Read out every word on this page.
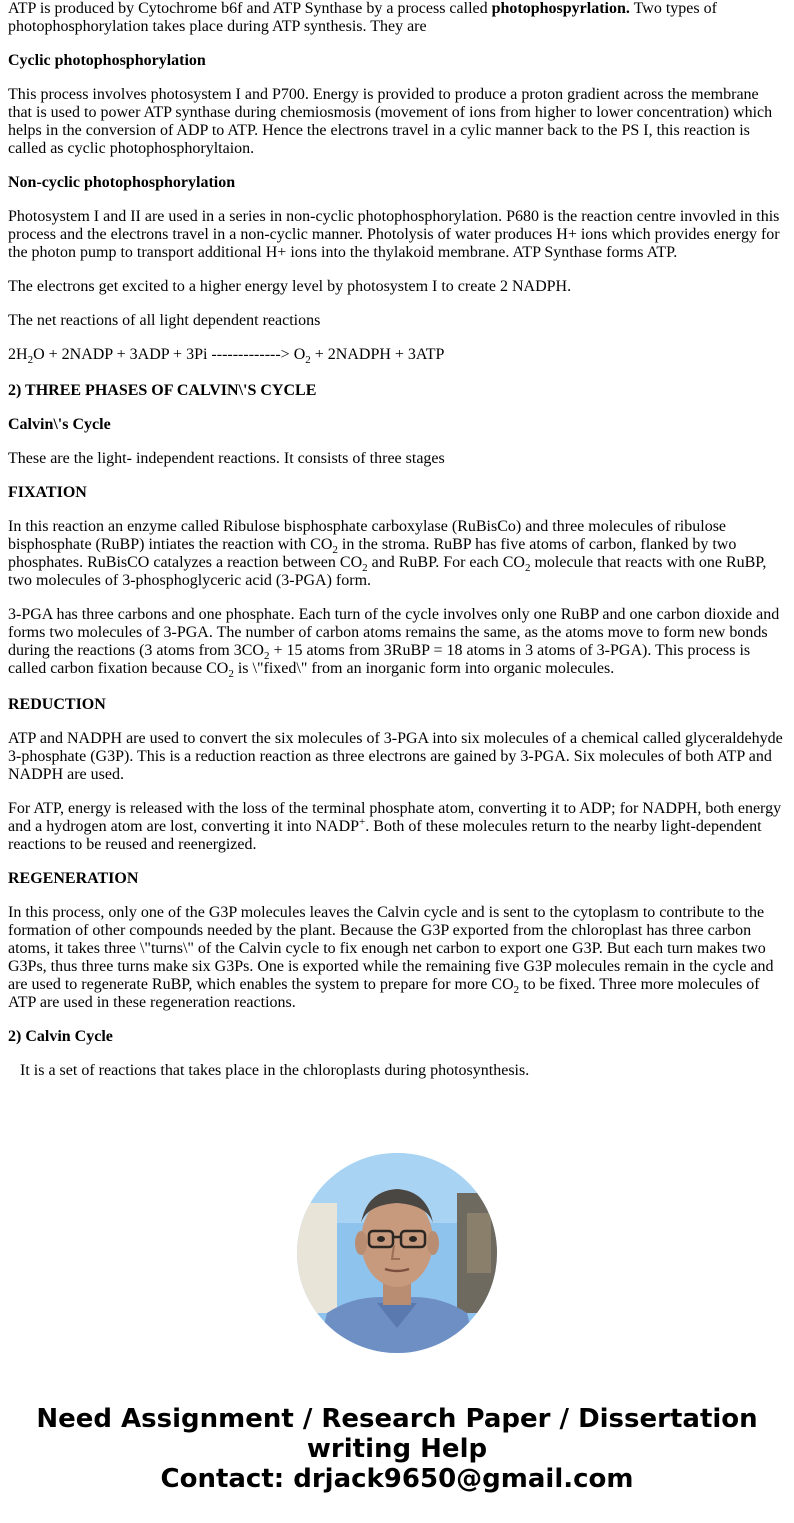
ATP is produced by Cytochrome b6f and ATP Synthase by a process called photophospyrlation. Two types of photophosphorylation takes place during ATP synthesis. They are

Cyclic photophosphorylation

This process involves photosystem I and P700. Energy is provided to produce a proton gradient across the membrane that is used to power ATP synthase during chemiosmosis (movement of ions from higher to lower concentration) which helps in the conversion of ADP to ATP. Hence the electrons travel in a cylic manner back to the PS I, this reaction is called as cyclic photophosphoryltaion.

Non-cyclic photophosphorylation

Photosystem I and II are used in a series in non-cyclic photophosphorylation. P680 is the reaction centre invovled in this process and the electrons travel in a non-cyclic manner. Photolysis of water produces H+ ions which provides energy for the photon pump to transport additional H+ ions into the thylakoid membrane. ATP Synthase forms ATP.

The electrons get excited to a higher energy level by photosystem I to create 2 NADPH.

The net reactions of all light dependent reactions

$2H_2O$ + 2NADP + 3ADP + 3Pi -------------> $O_2$ + 2NADPH + 3ATP

2) THREE PHASES OF CALVIN\'S CYCLE

Calvin\'s Cycle

These are the light- independent reactions. It consists of three stages

FIXATION

In this reaction an enzyme called Ribulose bisphosphate carboxylase (RuBisCo) and three molecules of ribulose bisphosphate (RuBP) intiates the reaction with $CO_2$ in the stroma. RuBP has five atoms of carbon, flanked by two phosphates. RuBisCO catalyzes a reaction between $CO_2$ and RuBP. For each $CO_2$ molecule that reacts with one RuBP, two molecules of 3-phosphoglyceric acid (3-PGA) form.

3-PGA has three carbons and one phosphate. Each turn of the cycle involves only one RuBP and one carbon dioxide and forms two molecules of 3-PGA. The number of carbon atoms remains the same, as the atoms move to form new bonds during the reactions (3 atoms from $3CO_2 + 15$ atoms from 3RuBP = 18 atoms in 3 atoms of 3-PGA). This process is called carbon fixation because $CO_2$ is \"fixed\" from an inorganic form into organic molecules.

REDUCTION

ATP and NADPH are used to convert the six molecules of 3-PGA into six molecules of a chemical called glyceraldehyde 3-phosphate (G3P). This is a reduction reaction as three electrons are gained by 3-PGA. Six molecules of both ATP and NADPH are used.

For ATP, energy is released with the loss of the terminal phosphate atom, converting it to ADP; for NADPH, both energy and a hydrogen atom are lost, converting it into NADP+. Both of these molecules return to the nearby light-dependent reactions to be reused and reenergized.

REGENERATION

In this process, only one of the G3P molecules leaves the Calvin cycle and is sent to the cytoplasm to contribute to the formation of other compounds needed by the plant. Because the G3P exported from the chloroplast has three carbon atoms, it takes three \"turns\" of the Calvin cycle to fix enough net carbon to export one G3P. But each turn makes two G3Ps, thus three turns make six G3Ps. One is exported while the remaining five G3P molecules remain in the cycle and are used to regenerate RuBP, which enables the system to prepare for more $CO_2$ to be fixed. Three more molecules of ATP are used in these regeneration reactions.

2) Calvin Cycle

It is a set of reactions that takes place in the chloroplasts during photosynthesis.

Need Assignment / Research Paper / Dissertation
writing Help
Contact: drjack9650@gmail.com
